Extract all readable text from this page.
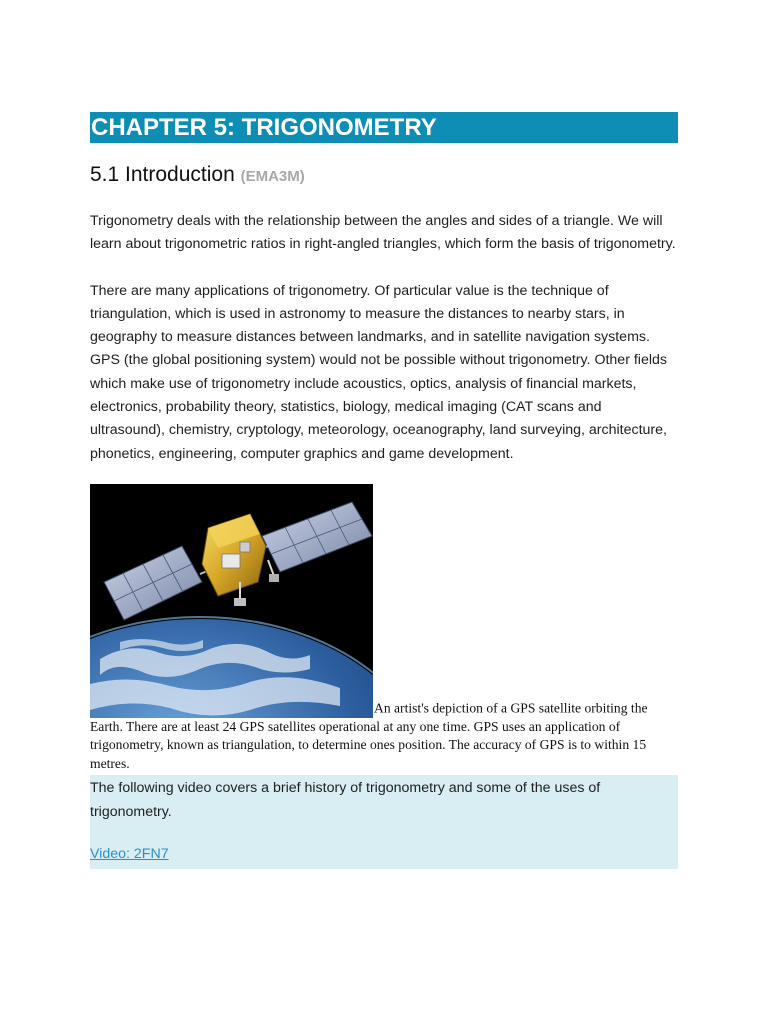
CHAPTER 5: TRIGONOMETRY
5.1 Introduction (EMA3M)

Trigonometry deals with the relationship between the angles and sides of a triangle. We will learn about trigonometric ratios in right-angled triangles, which form the basis of trigonometry.

There are many applications of trigonometry. Of particular value is the technique of triangulation, which is used in astronomy to measure the distances to nearby stars, in geography to measure distances between landmarks, and in satellite navigation systems. GPS (the global positioning system) would not be possible without trigonometry. Other fields which make use of trigonometry include acoustics, optics, analysis of financial markets, electronics, probability theory, statistics, biology, medical imaging (CAT scans and ultrasound), chemistry, cryptology, meteorology, oceanography, land surveying, architecture, phonetics, engineering, computer graphics and game development.

An artist's depiction of a GPS satellite orbiting the Earth. There are at least 24 GPS satellites operational at any one time. GPS uses an application of trigonometry, known as triangulation, to determine ones position. The accuracy of GPS is to within 15 metres.

The following video covers a brief history of trigonometry and some of the uses of trigonometry.

Video: 2FN7
